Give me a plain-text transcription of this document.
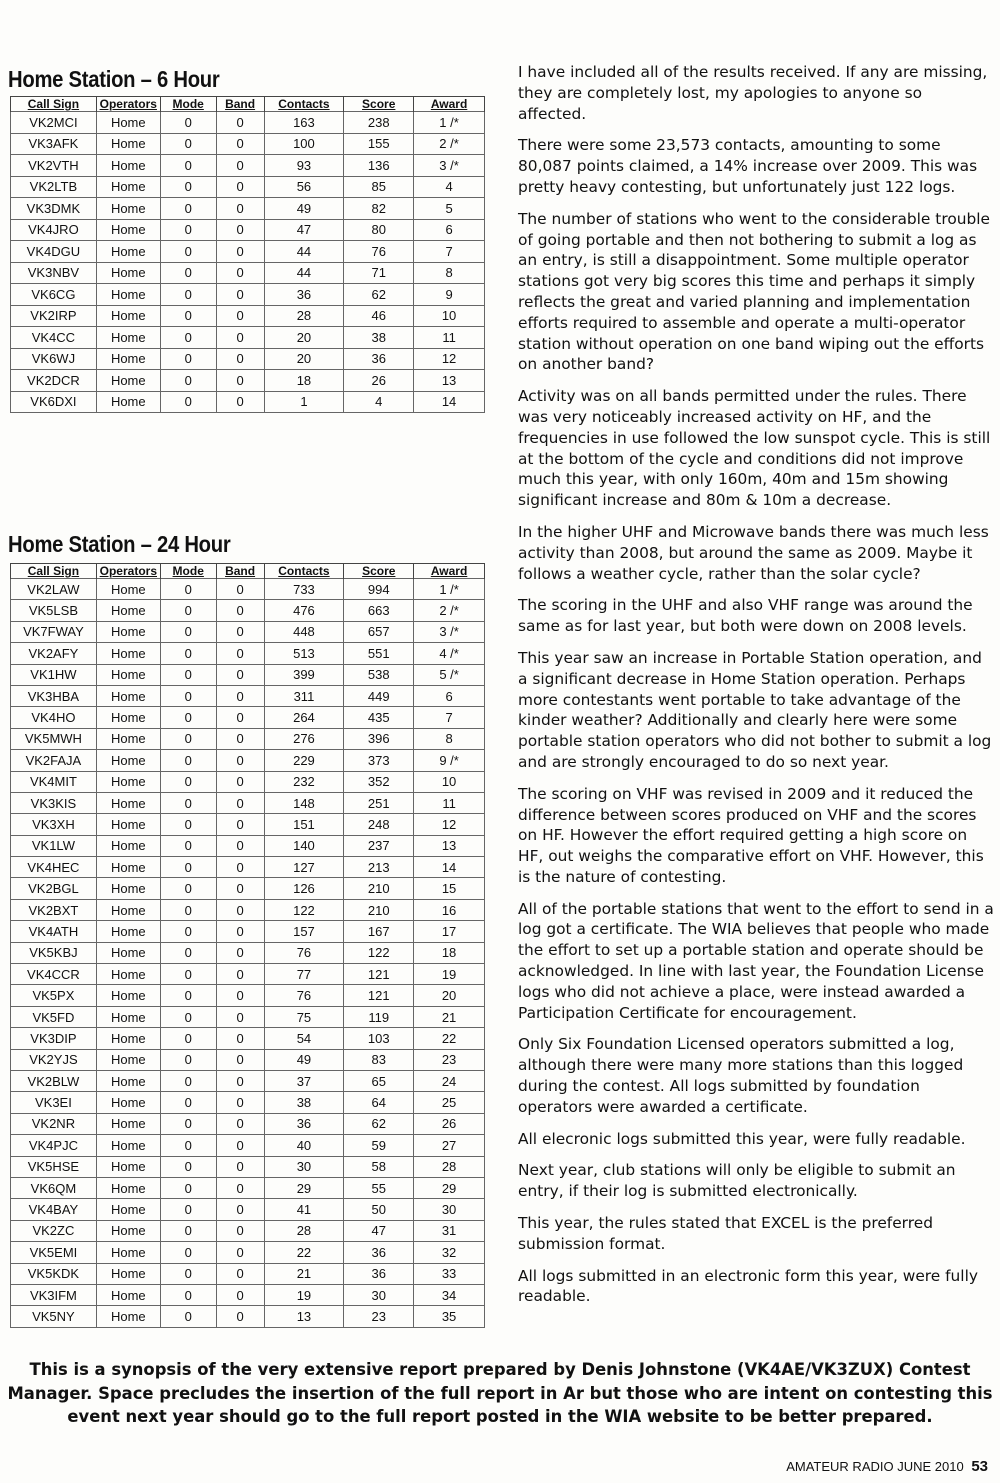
Home Station – 6 Hour
Call Sign	Operators	Mode	Band	Contacts	Score	Award
VK2MCI	Home	0	0	163	238	1 /*
VK3AFK	Home	0	0	100	155	2 /*
VK2VTH	Home	0	0	93	136	3 /*
VK2LTB	Home	0	0	56	85	4
VK3DMK	Home	0	0	49	82	5
VK4JRO	Home	0	0	47	80	6
VK4DGU	Home	0	0	44	76	7
VK3NBV	Home	0	0	44	71	8
VK6CG	Home	0	0	36	62	9
VK2IRP	Home	0	0	28	46	10
VK4CC	Home	0	0	20	38	11
VK6WJ	Home	0	0	20	36	12
VK2DCR	Home	0	0	18	26	13
VK6DXI	Home	0	0	1	4	14
Home Station – 24 Hour
Call Sign	Operators	Mode	Band	Contacts	Score	Award
VK2LAW	Home	0	0	733	994	1 /*
VK5LSB	Home	0	0	476	663	2 /*
VK7FWAY	Home	0	0	448	657	3 /*
VK2AFY	Home	0	0	513	551	4 /*
VK1HW	Home	0	0	399	538	5 /*
VK3HBA	Home	0	0	311	449	6
VK4HO	Home	0	0	264	435	7
VK5MWH	Home	0	0	276	396	8
VK2FAJA	Home	0	0	229	373	9 /*
VK4MIT	Home	0	0	232	352	10
VK3KIS	Home	0	0	148	251	11
VK3XH	Home	0	0	151	248	12
VK1LW	Home	0	0	140	237	13
VK4HEC	Home	0	0	127	213	14
VK2BGL	Home	0	0	126	210	15
VK2BXT	Home	0	0	122	210	16
VK4ATH	Home	0	0	157	167	17
VK5KBJ	Home	0	0	76	122	18
VK4CCR	Home	0	0	77	121	19
VK5PX	Home	0	0	76	121	20
VK5FD	Home	0	0	75	119	21
VK3DIP	Home	0	0	54	103	22
VK2YJS	Home	0	0	49	83	23
VK2BLW	Home	0	0	37	65	24
VK3EI	Home	0	0	38	64	25
VK2NR	Home	0	0	36	62	26
VK4PJC	Home	0	0	40	59	27
VK5HSE	Home	0	0	30	58	28
VK6QM	Home	0	0	29	55	29
VK4BAY	Home	0	0	41	50	30
VK2ZC	Home	0	0	28	47	31
VK5EMI	Home	0	0	22	36	32
VK5KDK	Home	0	0	21	36	33
VK3IFM	Home	0	0	19	30	34
VK5NY	Home	0	0	13	23	35

I have included all of the results received. If any are missing, they are completely lost, my apologies to anyone so affected.

There were some 23,573 contacts, amounting to some 80,087 points claimed, a 14% increase over 2009. This was pretty heavy contesting, but unfortunately just 122 logs.

The number of stations who went to the considerable trouble of going portable and then not bothering to submit a log as an entry, is still a disappointment. Some multiple operator stations got very big scores this time and perhaps it simply reflects the great and varied planning and implementation efforts required to assemble and operate a multi-operator station without operation on one band wiping out the efforts on another band?

Activity was on all bands permitted under the rules. There was very noticeably increased activity on HF, and the frequencies in use followed the low sunspot cycle. This is still at the bottom of the cycle and conditions did not improve much this year, with only 160m, 40m and 15m showing significant increase and 80m & 10m a decrease.

In the higher UHF and Microwave bands there was much less activity than 2008, but around the same as 2009. Maybe it follows a weather cycle, rather than the solar cycle?

The scoring in the UHF and also VHF range was around the same as for last year, but both were down on 2008 levels.

This year saw an increase in Portable Station operation, and a significant decrease in Home Station operation. Perhaps more contestants went portable to take advantage of the kinder weather? Additionally and clearly here were some portable station operators who did not bother to submit a log and are strongly encouraged to do so next year.

The scoring on VHF was revised in 2009 and it reduced the difference between scores produced on VHF and the scores on HF. However the effort required getting a high score on HF, out weighs the comparative effort on VHF. However, this is the nature of contesting.

All of the portable stations that went to the effort to send in a log got a certificate. The WIA believes that people who made the effort to set up a portable station and operate should be acknowledged. In line with last year, the Foundation License logs who did not achieve a place, were instead awarded a Participation Certificate for encouragement.

Only Six Foundation Licensed operators submitted a log, although there were many more stations than this logged during the contest. All logs submitted by foundation operators were awarded a certificate.

All elecronic logs submitted this year, were fully readable.

Next year, club stations will only be eligible to submit an entry, if their log is submitted electronically.

This year, the rules stated that EXCEL is the preferred submission format.

All logs submitted in an electronic form this year, were fully readable.

This is a synopsis of the very extensive report prepared by Denis Johnstone (VK4AE/VK3ZUX) Contest Manager. Space precludes the insertion of the full report in Ar but those who are intent on contesting this event next year should go to the full report posted in the WIA website to be better prepared.
AMATEUR RADIO JUNE 2010 53
